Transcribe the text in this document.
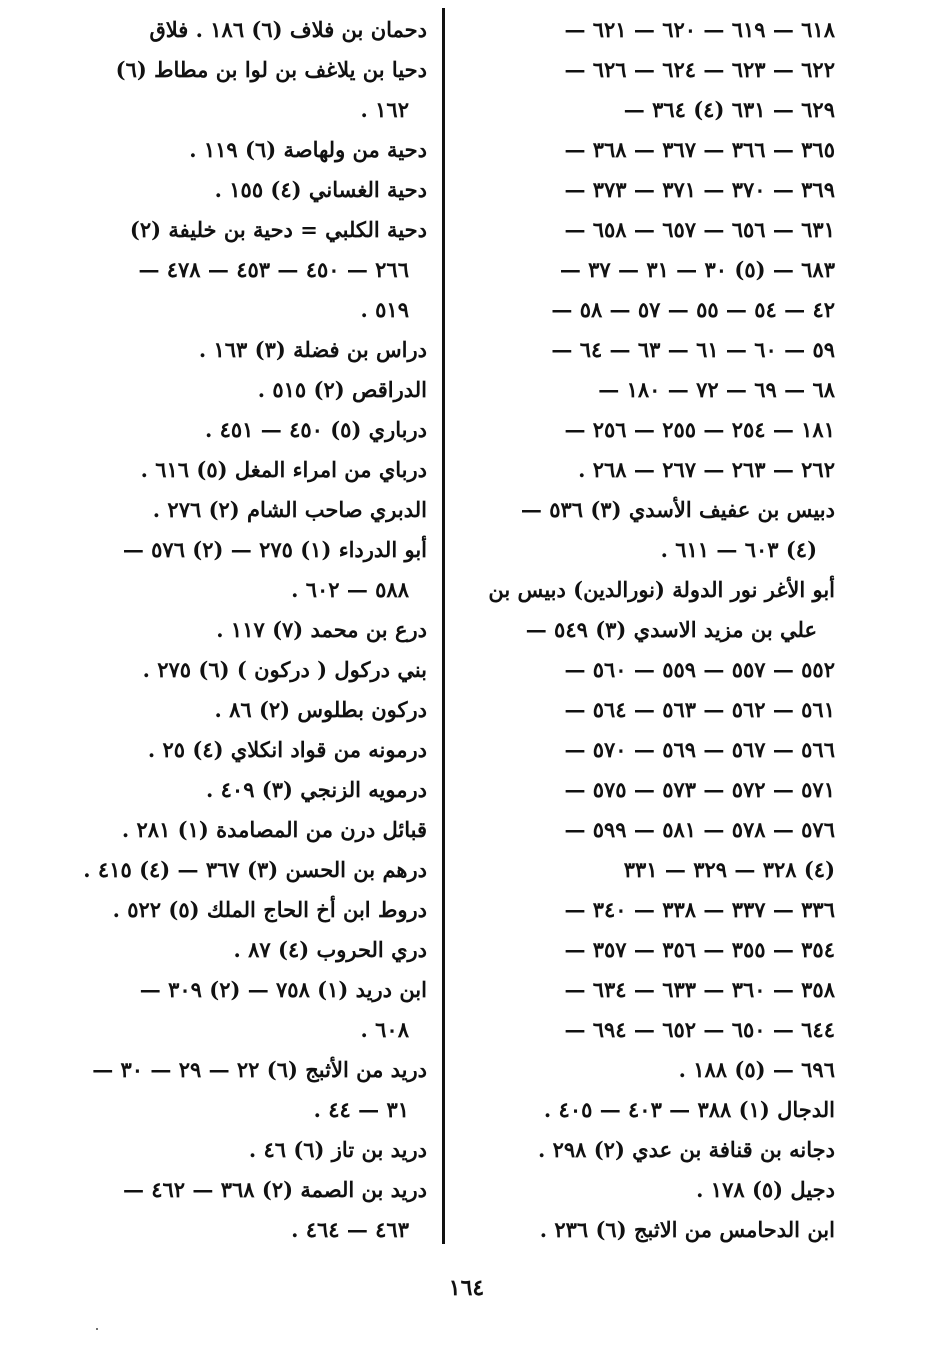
٦١٨ — ٦١٩ — ٦٢٠ — ٦٢١ —
٦٢٢ — ٦٢٣ — ٦٢٤ — ٦٢٦ —
٦٢٩ — ٦٣١ (٤) ٣٦٤ —
٣٦٥ — ٣٦٦ — ٣٦٧ — ٣٦٨ —
٣٦٩ — ٣٧٠ — ٣٧١ — ٣٧٣ —
٦٣١ — ٦٥٦ — ٦٥٧ — ٦٥٨ —
٦٨٣ — (٥) ٣٠ — ٣١ — ٣٧ —
٤٢ — ٥٤ — ٥٥ — ٥٧ — ٥٨ —
٥٩ — ٦٠ — ٦١ — ٦٣ — ٦٤ —
٦٨ — ٦٩ — ٧٢ — ١٨٠ —
١٨١ — ٢٥٤ — ٢٥٥ — ٢٥٦ —
٢٦٢ — ٢٦٣ — ٢٦٧ — ٢٦٨ .
دبيس بن عفيف الأسدي (٣) ٥٣٦ —
(٤) ٦٠٣ — ٦١١ .
أبو الأغر نور الدولة (نورالدين) دبيس بن
علي بن مزيد الاسدي (٣) ٥٤٩ —
٥٥٢ — ٥٥٧ — ٥٥٩ — ٥٦٠ —
٥٦١ — ٥٦٢ — ٥٦٣ — ٥٦٤ —
٥٦٦ — ٥٦٧ — ٥٦٩ — ٥٧٠ —
٥٧١ — ٥٧٢ — ٥٧٣ — ٥٧٥ —
٥٧٦ — ٥٧٨ — ٥٨١ — ٥٩٩ —
(٤) ٣٢٨ — ٣٢٩ — ٣٣١
٣٣٦ — ٣٣٧ — ٣٣٨ — ٣٤٠ —
٣٥٤ — ٣٥٥ — ٣٥٦ — ٣٥٧ —
٣٥٨ — ٣٦٠ — ٦٣٣ — ٦٣٤ —
٦٤٤ — ٦٥٠ — ٦٥٢ — ٦٩٤ —
٦٩٦ — (٥) ١٨٨ .
الدجال (١) ٣٨٨ — ٤٠٣ — ٤٠٥ .
دجانه بن قنافة بن عدي (٢) ٢٩٨ .
دجيل (٥) ١٧٨ .
ابن الدحامس من الاثبج (٦) ٢٣٦ .
دحمان بن فلاف (٦) ١٨٦ . فلاق
دحيا بن يلاغف بن لوا بن مطاط (٦)
١٦٢ .
دحية من ولهاصة (٦) ١١٩ .
دحية الغساني (٤) ١٥٥ .
دحية الكلبي = دحية بن خليفة (٢)
٢٦٦ — ٤٥٠ — ٤٥٣ — ٤٧٨ —
٥١٩ .
دراس بن فضلة (٣) ١٦٣ .
الدراقص (٢) ٥١٥ .
درباري (٥) ٤٥٠ — ٤٥١ .
درباي من امراء المغل (٥) ٦١٦ .
الدبري صاحب الشام (٢) ٢٧٦ .
أبو الدرداء (١) ٢٧٥ — (٢) ٥٧٦ —
٥٨٨ — ٦٠٢ .
درع بن محمد (٧) ١١٧ .
بني دركول ( دركون ) (٦) ٢٧٥ .
دركون بطلوس (٢) ٨٦ .
درمونه من قواد انكلاي (٤) ٢٥ .
درمويه الزنجي (٣) ٤٠٩ .
قبائل درن من المصامدة (١) ٢٨١ .
درهم بن الحسن (٣) ٣٦٧ — (٤) ٤١٥ .
دروط ابن أخ الحاج الملك (٥) ٥٢٢ .
دري الحروب (٤) ٨٧ .
ابن دريد (١) ٧٥٨ — (٢) ٣٠٩ —
٦٠٨ .
دريد من الأثبج (٦) ٢٢ — ٢٩ — ٣٠ —
٣١ — ٤٤ .
دريد بن تاز (٦) ٤٦ .
دريد بن الصمة (٢) ٣٦٨ — ٤٦٢ —
٤٦٣ — ٤٦٤ .
١٦٤
